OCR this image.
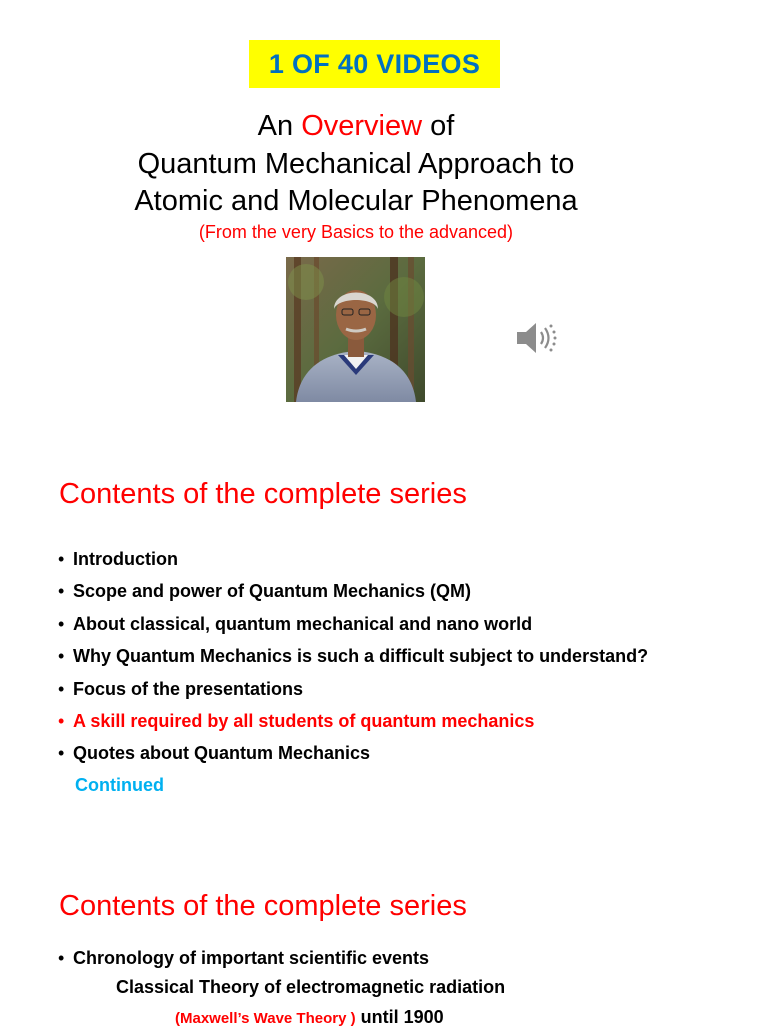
1 OF 40 VIDEOS
An Overview of
Quantum Mechanical Approach to
Atomic and Molecular Phenomena
(From the very Basics to the advanced)
Contents of the complete series
• Introduction
• Scope and power of Quantum Mechanics (QM)
• About classical, quantum mechanical and nano world
• Why Quantum Mechanics is such a difficult subject to understand?
• Focus of the presentations
• A skill required by all students of quantum mechanics
• Quotes about Quantum Mechanics
Continued
Contents of the complete series
• Chronology of important scientific events
Classical Theory of electromagnetic radiation
(Maxwell’s Wave Theory ) until 1900
